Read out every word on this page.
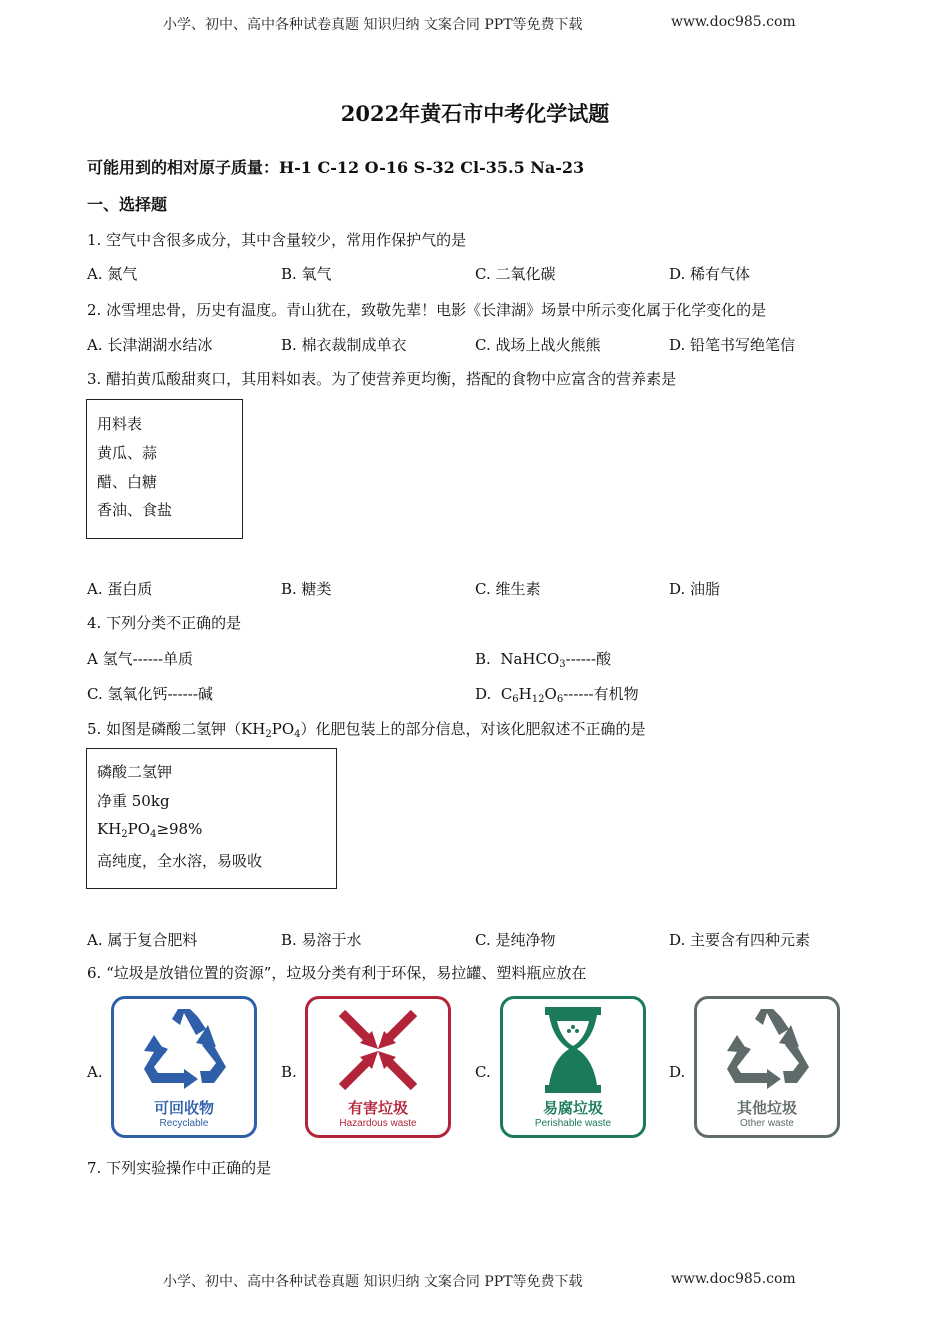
小学、初中、高中各种试卷真题 知识归纳 文案合同 PPT等免费下载	www.doc985.com
2022年黄石市中考化学试题
可能用到的相对原子质量：H-1 C-12 O-16 S-32 Cl-35.5 Na-23
一、选择题
1. 空气中含很多成分，其中含量较少，常用作保护气的是
A. 氮气	B. 氧气	C. 二氧化碳	D. 稀有气体
2. 冰雪埋忠骨，历史有温度。青山犹在，致敬先辈！电影《长津湖》场景中所示变化属于化学变化的是
A. 长津湖湖水结冰	B. 棉衣裁制成单衣	C. 战场上战火熊熊	D. 铅笔书写绝笔信
3. 醋拍黄瓜酸甜爽口，其用料如表。为了使营养更均衡，搭配的食物中应富含的营养素是
用料表
黄瓜、蒜
醋、白糖
香油、食盐
A. 蛋白质	B. 糖类	C. 维生素	D. 油脂
4. 下列分类不正确的是
A 氢气------单质	B. NaHCO$_3$------酸
C. 氢氧化钙------碱	D. $C_6H_{12}O_6------$有机物
5. 如图是磷酸二氢钾$(KH_2PO_4)$化肥包装上的部分信息，对该化肥叙述不正确的是
磷酸二氢钾
净重 50kg
$KH_2PO_4\ge 98\%$
高纯度，全水溶，易吸收
A. 属于复合肥料	B. 易溶于水	C. 是纯净物	D. 主要含有四种元素
6. “垃圾是放错位置的资源”，垃圾分类有利于环保，易拉罐、塑料瓶应放在
A.
可回收物
Recyclable
B.
有害垃圾
Hazardous waste
C.
易腐垃圾
Perishable waste
D.
其他垃圾
Other waste
7. 下列实验操作中正确的是
小学、初中、高中各种试卷真题 知识归纳 文案合同 PPT等免费下载	www.doc985.com
